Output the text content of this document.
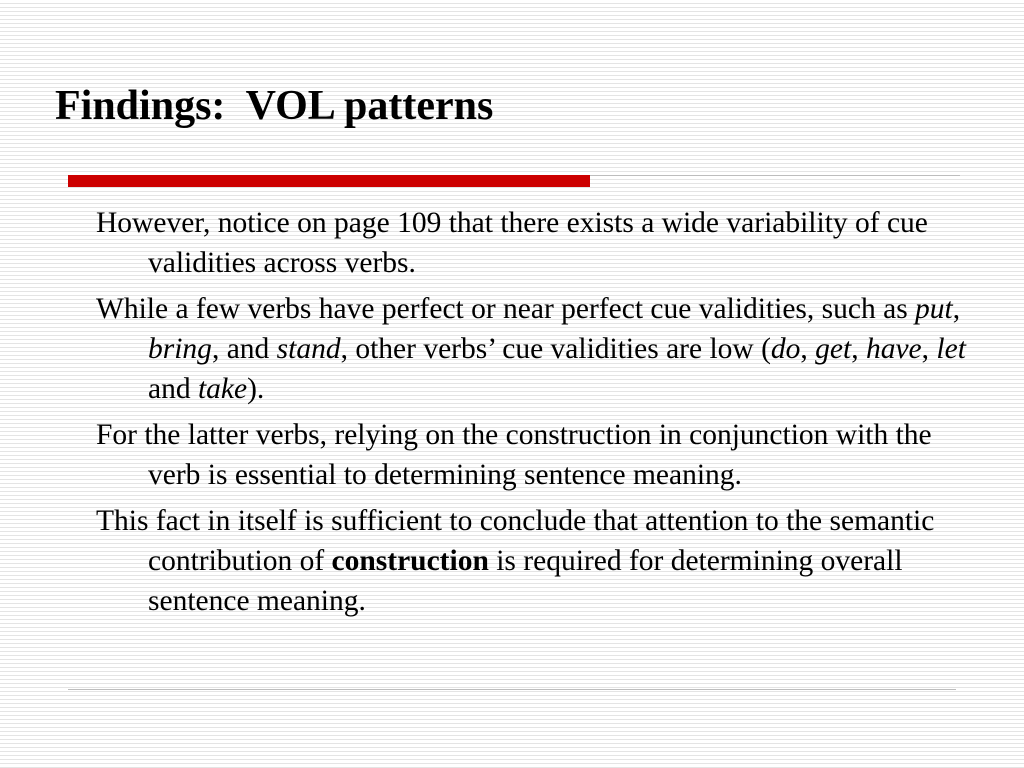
Findings:  VOL patterns

However, notice on page 109 that there exists a wide variability of cue validities across verbs.

While a few verbs have perfect or near perfect cue validities, such as put, bring, and stand, other verbs’ cue validities are low (do, get, have, let and take).

For the latter verbs, relying on the construction in conjunction with the verb is essential to determining sentence meaning.

This fact in itself is sufficient to conclude that attention to the semantic contribution of construction is required for determining overall sentence meaning.
